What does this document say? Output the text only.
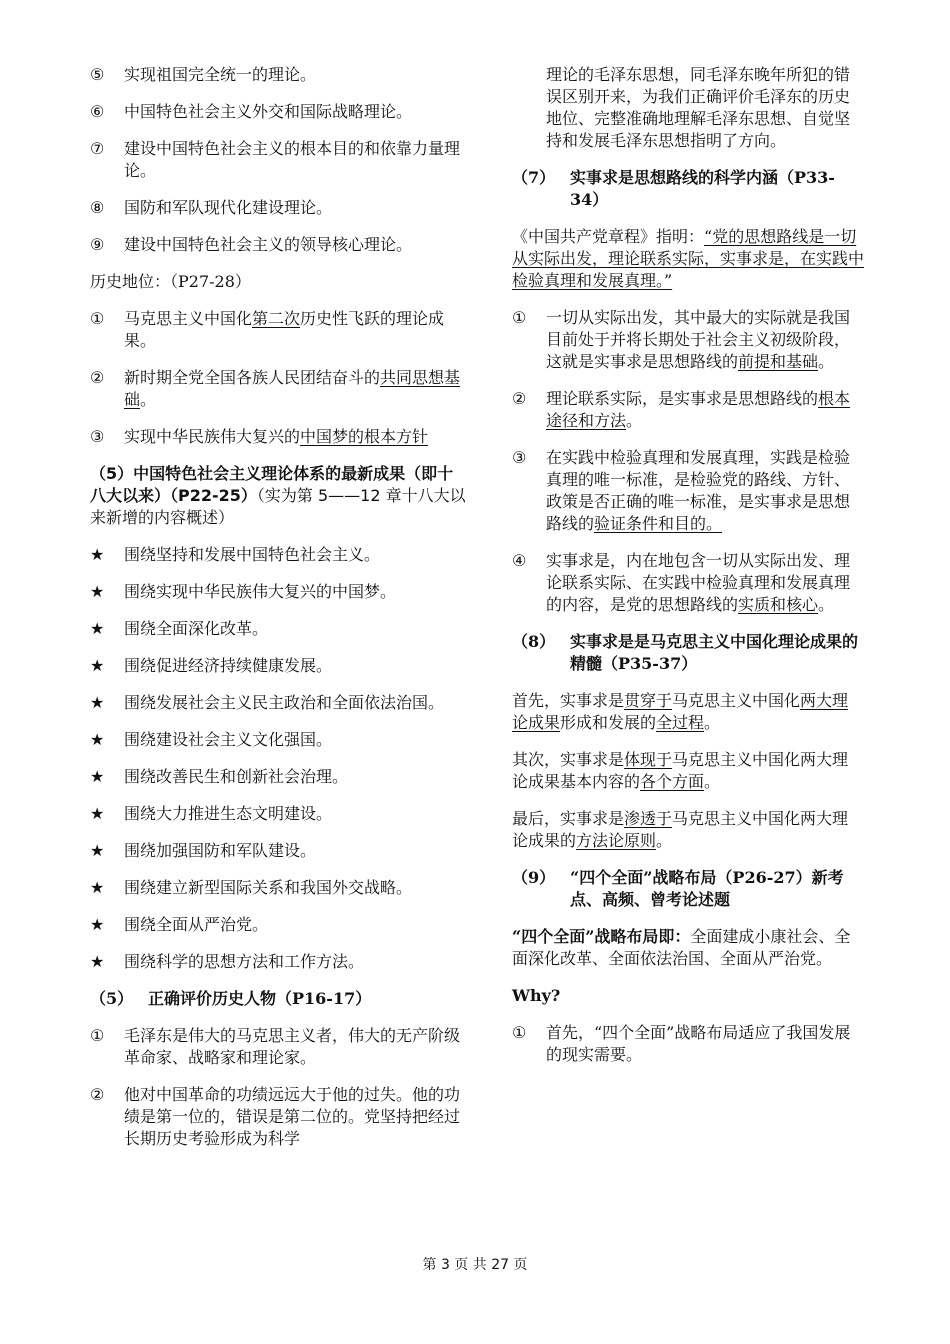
⑤	实现祖国完全统一的理论。
⑥	中国特色社会主义外交和国际战略理论。
⑦	建设中国特色社会主义的根本目的和依靠力量理论。
⑧	国防和军队现代化建设理论。
⑨	建设中国特色社会主义的领导核心理论。
历史地位：（P27-28）
①	马克思主义中国化第二次历史性飞跃的理论成果。
②	新时期全党全国各族人民团结奋斗的共同思想基础。
③	实现中华民族伟大复兴的中国梦的根本方针
（5）中国特色社会主义理论体系的最新成果（即十八大以来）（P22-25）（实为第 5——12 章十八大以来新增的内容概述）
★	围绕坚持和发展中国特色社会主义。
★	围绕实现中华民族伟大复兴的中国梦。
★	围绕全面深化改革。
★	围绕促进经济持续健康发展。
★	围绕发展社会主义民主政治和全面依法治国。
★	围绕建设社会主义文化强国。
★	围绕改善民生和创新社会治理。
★	围绕大力推进生态文明建设。
★	围绕加强国防和军队建设。
★	围绕建立新型国际关系和我国外交战略。
★	围绕全面从严治党。
★	围绕科学的思想方法和工作方法。
（5） 正确评价历史人物（P16-17）
①	毛泽东是伟大的马克思主义者，伟大的无产阶级革命家、战略家和理论家。
②	他对中国革命的功绩远远大于他的过失。他的功绩是第一位的，错误是第二位的。党坚持把经过长期历史考验形成为科学
理论的毛泽东思想，同毛泽东晚年所犯的错误区别开来，为我们正确评价毛泽东的历史地位、完整准确地理解毛泽东思想、自觉坚持和发展毛泽东思想指明了方向。
（7） 实事求是思想路线的科学内涵（P33-34）
《中国共产党章程》指明：“党的思想路线是一切从实际出发，理论联系实际，实事求是，在实践中检验真理和发展真理。”
①	一切从实际出发，其中最大的实际就是我国目前处于并将长期处于社会主义初级阶段，这就是实事求是思想路线的前提和基础。
②	理论联系实际，是实事求是思想路线的根本途径和方法。
③	在实践中检验真理和发展真理，实践是检验真理的唯一标准，是检验党的路线、方针、政策是否正确的唯一标准，是实事求是思想路线的验证条件和目的。
④	实事求是，内在地包含一切从实际出发、理论联系实际、在实践中检验真理和发展真理的内容，是党的思想路线的实质和核心。
（8） 实事求是是马克思主义中国化理论成果的精髓（P35-37）
首先，实事求是贯穿于马克思主义中国化两大理论成果形成和发展的全过程。
其次，实事求是体现于马克思主义中国化两大理论成果基本内容的各个方面。
最后，实事求是渗透于马克思主义中国化两大理论成果的方法论原则。
（9） “四个全面”战略布局（P26-27）新考点、高频、曾考论述题
“四个全面”战略布局即：全面建成小康社会、全面深化改革、全面依法治国、全面从严治党。
Why?
①	首先，“四个全面”战略布局适应了我国发展的现实需要。
第 3 页 共 27 页
